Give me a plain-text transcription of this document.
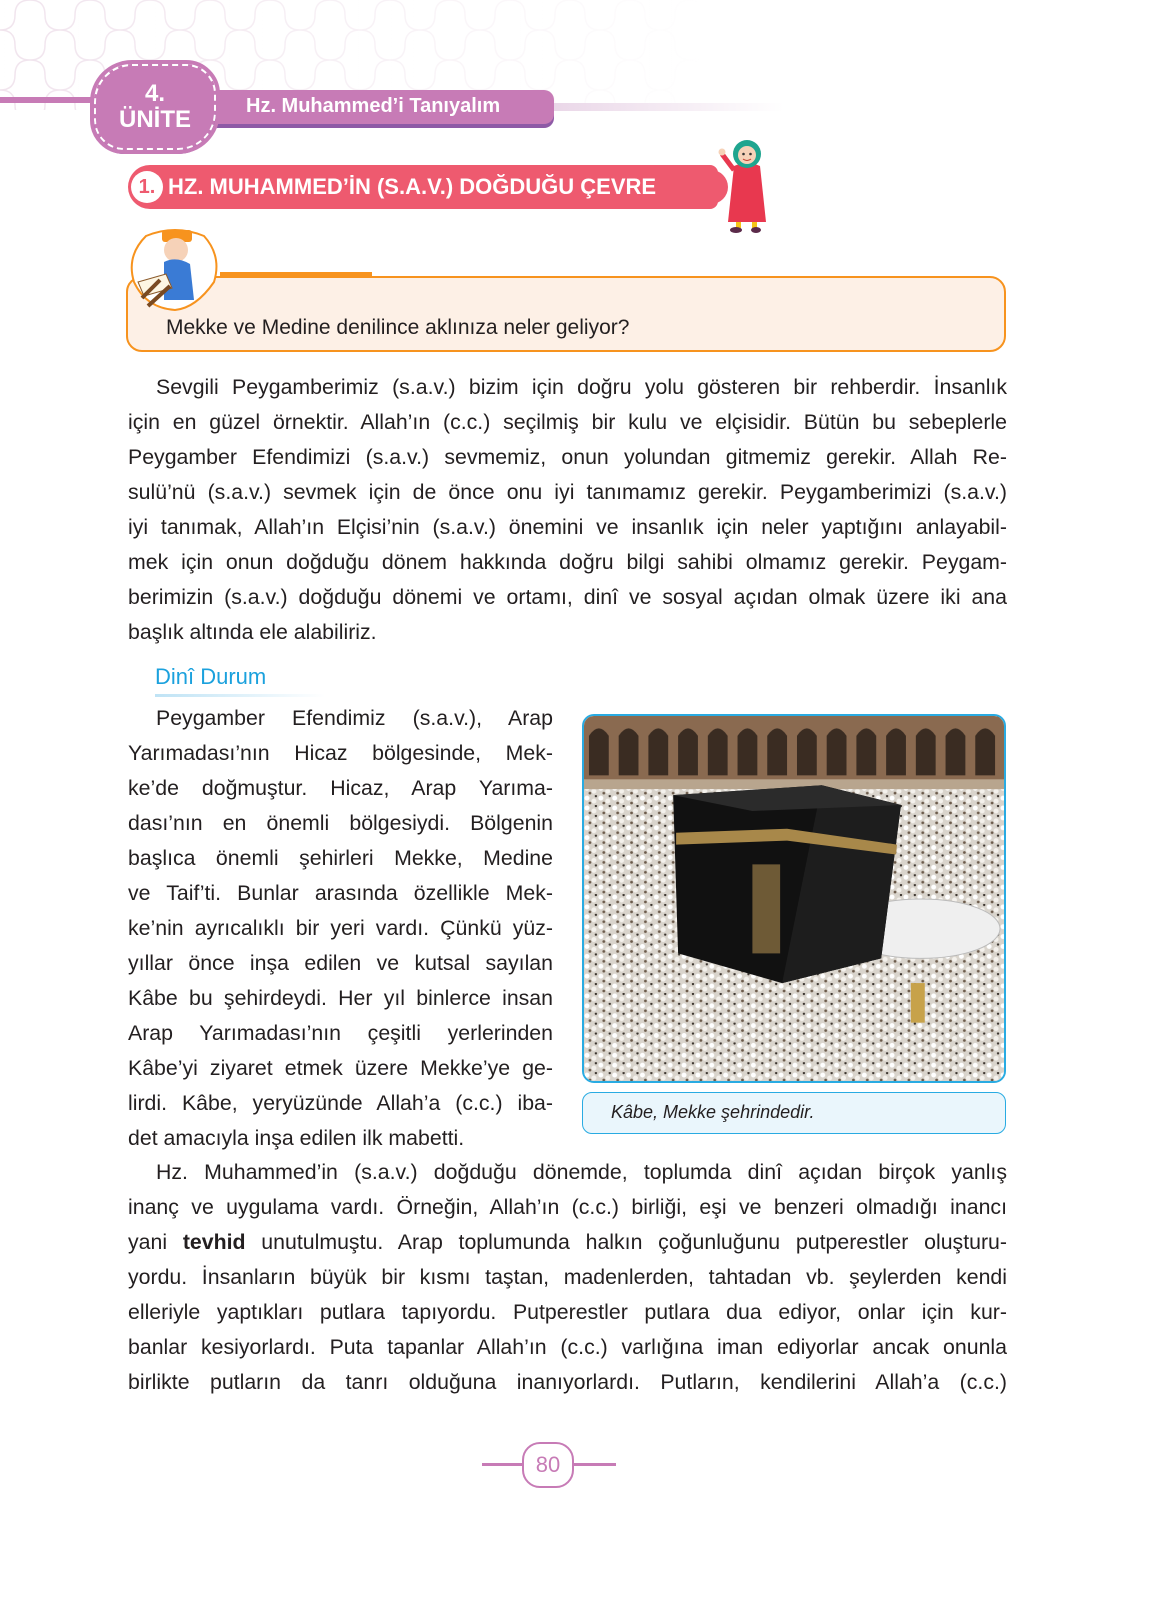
Hz. Muhammed’i Tanıyalım
4.
ÜNİTE
1. HZ. MUHAMMED’İN (S.A.V.) DOĞDUĞU ÇEVRE
Mekke ve Medine denilince aklınıza neler geliyor?
Sevgili Peygamberimiz (s.a.v.) bizim için doğru yolu gösteren bir rehberdir. İnsanlık
için en güzel örnektir. Allah’ın (c.c.) seçilmiş bir kulu ve elçisidir. Bütün bu sebeplerle
Peygamber Efendimizi (s.a.v.) sevmemiz, onun yolundan gitmemiz gerekir. Allah Re-
sulü’nü (s.a.v.) sevmek için de önce onu iyi tanımamız gerekir. Peygamberimizi (s.a.v.)
iyi tanımak, Allah’ın Elçisi’nin (s.a.v.) önemini ve insanlık için neler yaptığını anlayabil-
mek için onun doğduğu dönem hakkında doğru bilgi sahibi olmamız gerekir. Peygam-
berimizin (s.a.v.) doğduğu dönemi ve ortamı, dinî ve sosyal açıdan olmak üzere iki ana
başlık altında ele alabiliriz.
Dinî Durum
Peygamber Efendimiz (s.a.v.), Arap
Yarımadası’nın Hicaz bölgesinde, Mek-
ke’de doğmuştur. Hicaz, Arap Yarıma-
dası’nın en önemli bölgesiydi. Bölgenin
başlıca önemli şehirleri Mekke, Medine
ve Taif’ti. Bunlar arasında özellikle Mek-
ke’nin ayrıcalıklı bir yeri vardı. Çünkü yüz-
yıllar önce inşa edilen ve kutsal sayılan
Kâbe bu şehirdeydi. Her yıl binlerce insan
Arap Yarımadası’nın çeşitli yerlerinden
Kâbe’yi ziyaret etmek üzere Mekke’ye ge-
lirdi. Kâbe, yeryüzünde Allah’a (c.c.) iba-
det amacıyla inşa edilen ilk mabetti.
Kâbe, Mekke şehrindedir.
Hz. Muhammed’in (s.a.v.) doğduğu dönemde, toplumda dinî açıdan birçok yanlış
inanç ve uygulama vardı. Örneğin, Allah’ın (c.c.) birliği, eşi ve benzeri olmadığı inancı
yani tevhid unutulmuştu. Arap toplumunda halkın çoğunluğunu putperestler oluşturu-
yordu. İnsanların büyük bir kısmı taştan, madenlerden, tahtadan vb. şeylerden kendi
elleriyle yaptıkları putlara tapıyordu. Putperestler putlara dua ediyor, onlar için kur-
banlar kesiyorlardı. Puta tapanlar Allah’ın (c.c.) varlığına iman ediyorlar ancak onunla
birlikte putların da tanrı olduğuna inanıyorlardı. Putların, kendilerini Allah’a (c.c.)
80
